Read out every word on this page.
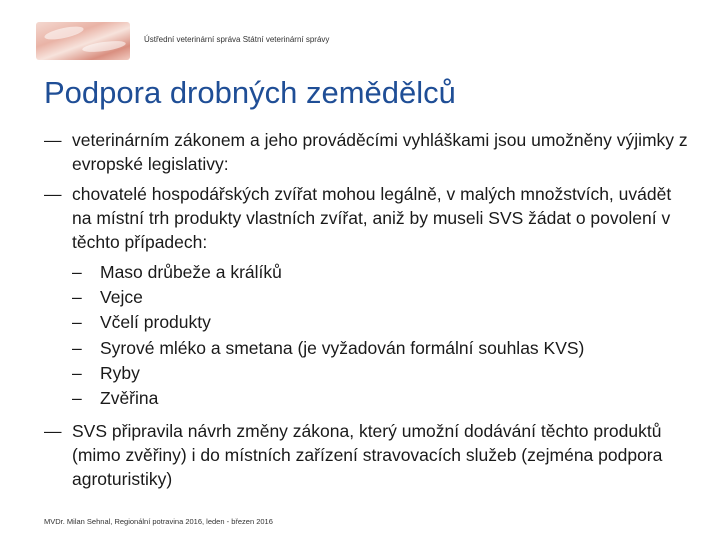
Ústřední veterinární správa Státní veterinární správy
Podpora drobných zemědělců
— veterinárním zákonem a jeho prováděcími vyhláškami jsou umožněny výjimky z evropské legislativy:
— chovatelé hospodářských zvířat mohou legálně, v malých množstvích, uvádět na místní trh produkty vlastních zvířat, aniž by museli SVS žádat o povolení v těchto případech:
– Maso drůbeže a králíků
– Vejce
– Včelí produkty
– Syrové mléko a smetana (je vyžadován formální souhlas KVS)
– Ryby
– Zvěřina
— SVS připravila návrh změny zákona, který umožní dodávání těchto produktů (mimo zvěřiny) i do místních zařízení stravovacích služeb (zejména podpora agroturistiky)
MVDr. Milan Sehnal, Regionální potravina 2016, leden - březen 2016
